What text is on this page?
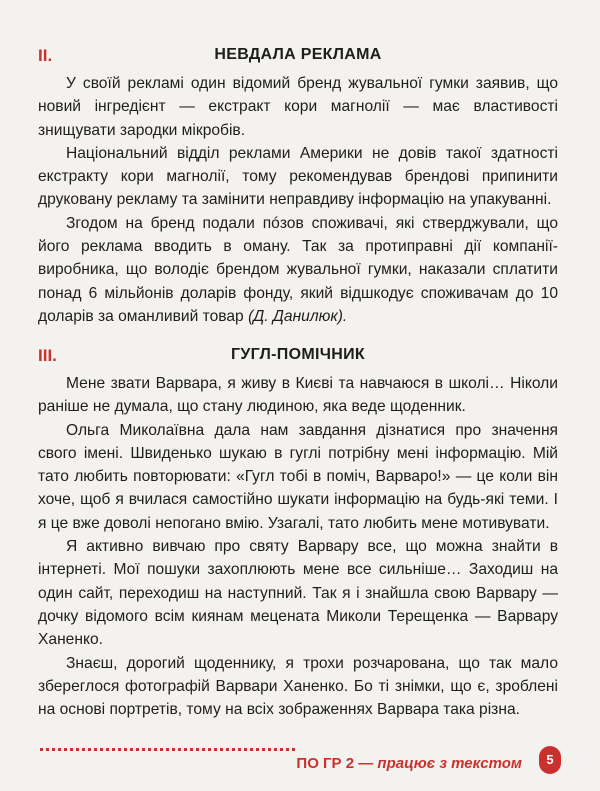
II.	НЕВДАЛА РЕКЛАМА

У своїй рекламі один відомий бренд жувальної гумки заявив, що новий інгредієнт — екстракт кори магнолії — має властивості знищувати зародки мікробів.

Національний відділ реклами Америки не довів такої здатності екстракту кори магнолії, тому рекомендував брендові припинити друковану рекламу та замінити неправдиву інформацію на упакуванні.

Згодом на бренд подали пóзов споживачі, які стверджували, що його реклама вводить в оману. Так за протиправні дії компанії-виробника, що володіє брендом жувальної гумки, наказали сплатити понад 6 мільйонів доларів фонду, який відшкодує споживачам до 10 доларів за оманливий товар (Д. Данилюк).

III.	ГУГЛ-ПОМІЧНИК

Мене звати Варвара, я живу в Києві та навчаюся в школі… Ніколи раніше не думала, що стану людиною, яка веде щоденник.

Ольга Миколаївна дала нам завдання дізнатися про значення свого імені. Швиденько шукаю в гуглі потрібну мені інформацію. Мій тато любить повторювати: «Гугл тобі в поміч, Варваро!» — це коли він хоче, щоб я вчилася самостійно шукати інформацію на будь-які теми. І я це вже доволі непогано вмію. Узагалі, тато любить мене мотивувати.

Я активно вивчаю про святу Варвару все, що можна знайти в інтернеті. Мої пошуки захоплюють мене все сильніше… Заходиш на один сайт, переходиш на наступний. Так я і знайшла свою Варвару — дочку відомого всім киянам мецената Миколи Терещенка — Варвару Ханенко.

Знаєш, дорогий щоденнику, я трохи розчарована, що так мало збереглося фотографій Варвари Ханенко. Бо ті знімки, що є, зроблені на основі портретів, тому на всіх зображеннях Варвара така різна.

ПО ГР 2 — працює з текстом	5
